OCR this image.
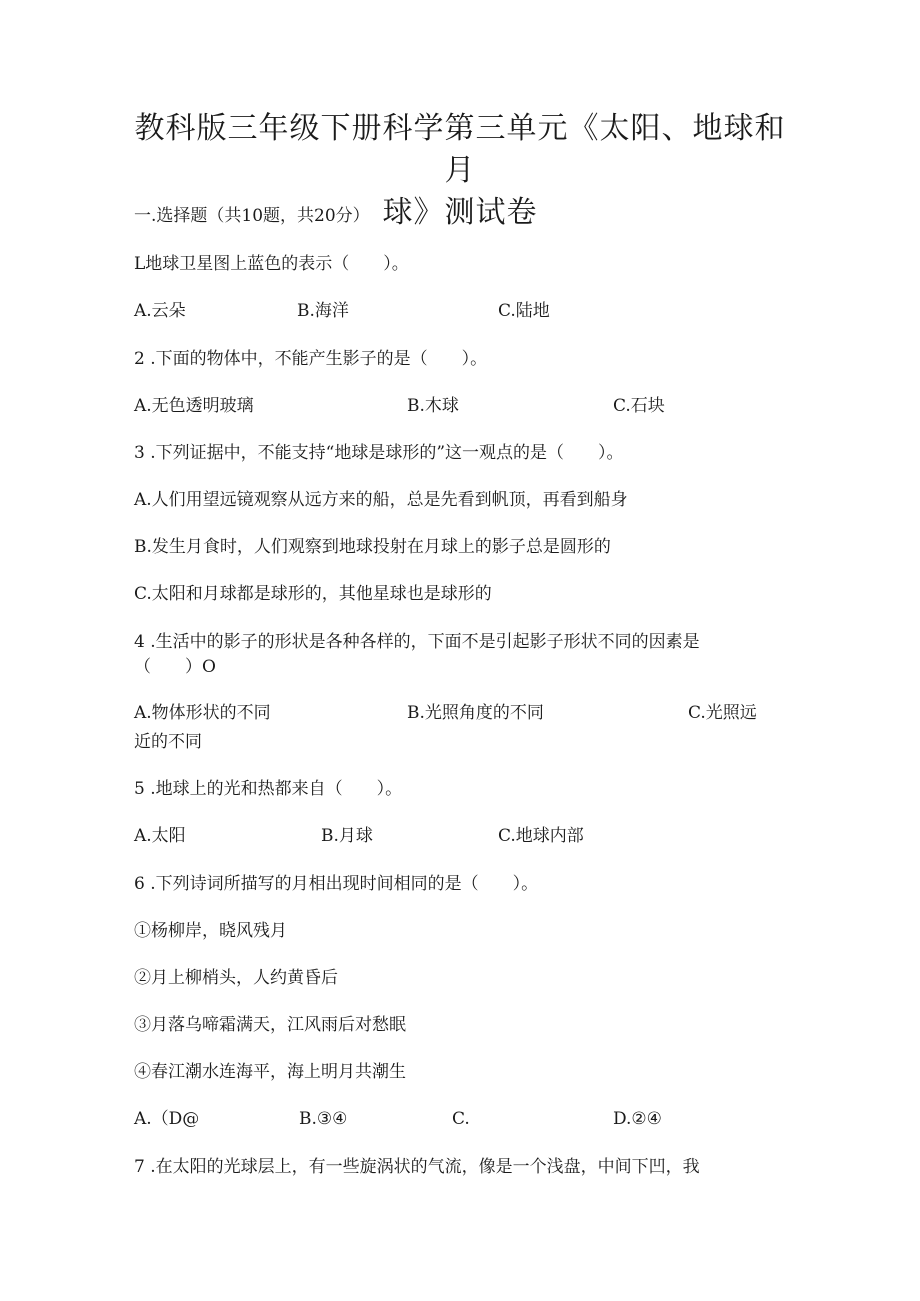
教科版三年级下册科学第三单元《太阳、地球和月
球》测试卷
一.选择题（共10题，共20分）
L地球卫星图上蓝色的表示（　　）。
A.云朵	B.海洋	C.陆地
2 .下面的物体中，不能产生影子的是（　　）。
A.无色透明玻璃	B.木球	C.石块
3 .下列证据中，不能支持“地球是球形的”这一观点的是（　　）。
A.人们用望远镜观察从远方来的船，总是先看到帆顶，再看到船身
B.发生月食时，人们观察到地球投射在月球上的影子总是圆形的
C.太阳和月球都是球形的，其他星球也是球形的
4 .生活中的影子的形状是各种各样的，下面不是引起影子形状不同的因素是
（　　）O
A.物体形状的不同	B.光照角度的不同	C.光照远
近的不同
5 .地球上的光和热都来自（　　）。
A.太阳	B.月球	C.地球内部
6 .下列诗词所描写的月相出现时间相同的是（　　）。
①杨柳岸，晓风残月
②月上柳梢头，人约黄昏后
③月落乌啼霜满天，江风雨后对愁眠
④春江潮水连海平，海上明月共潮生
A.（D@	B.③④	C.	D.②④
7 .在太阳的光球层上，有一些旋涡状的气流，像是一个浅盘，中间下凹，我
